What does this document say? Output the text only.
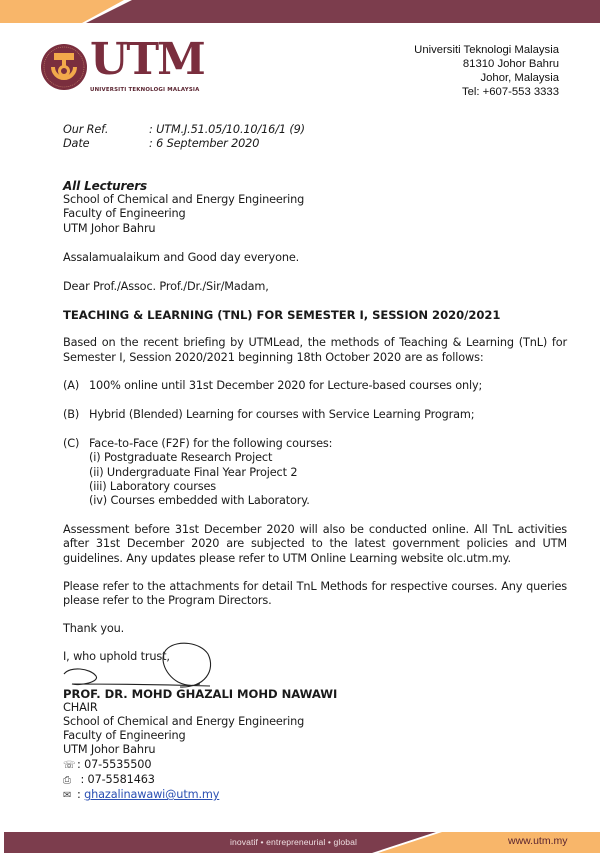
UTM
UNIVERSITI TEKNOLOGI MALAYSIA
Universiti Teknologi Malaysia
81310 Johor Bahru
Johor, Malaysia
Tel: +607-553 3333
Our Ref.	: UTM.J.51.05/10.10/16/1 (9)
Date	: 6 September 2020
All Lecturers
School of Chemical and Energy Engineering
Faculty of Engineering
UTM Johor Bahru
Assalamualaikum and Good day everyone.
Dear Prof./Assoc. Prof./Dr./Sir/Madam,
TEACHING & LEARNING (TNL) FOR SEMESTER I, SESSION 2020/2021
Based on the recent briefing by UTMLead, the methods of Teaching & Learning (TnL) for Semester I, Session 2020/2021 beginning 18th October 2020 are as follows:
(A) 100% online until 31st December 2020 for Lecture-based courses only;
(B) Hybrid (Blended) Learning for courses with Service Learning Program;
(C) Face-to-Face (F2F) for the following courses:
(i) Postgraduate Research Project
(ii) Undergraduate Final Year Project 2
(iii) Laboratory courses
(iv) Courses embedded with Laboratory.
Assessment before 31st December 2020 will also be conducted online. All TnL activities after 31st December 2020 are subjected to the latest government policies and UTM guidelines. Any updates please refer to UTM Online Learning website olc.utm.my.
Please refer to the attachments for detail TnL Methods for respective courses. Any queries please refer to the Program Directors.
Thank you.
I, who uphold trust,
PROF. DR. MOHD GHAZALI MOHD NAWAWI
CHAIR
School of Chemical and Energy Engineering
Faculty of Engineering
UTM Johor Bahru
☏ : 07-5535500
⎙ : 07-5581463
✉ : ghazalinawawi@utm.my
inovatif • entrepreneurial • global	www.utm.my
